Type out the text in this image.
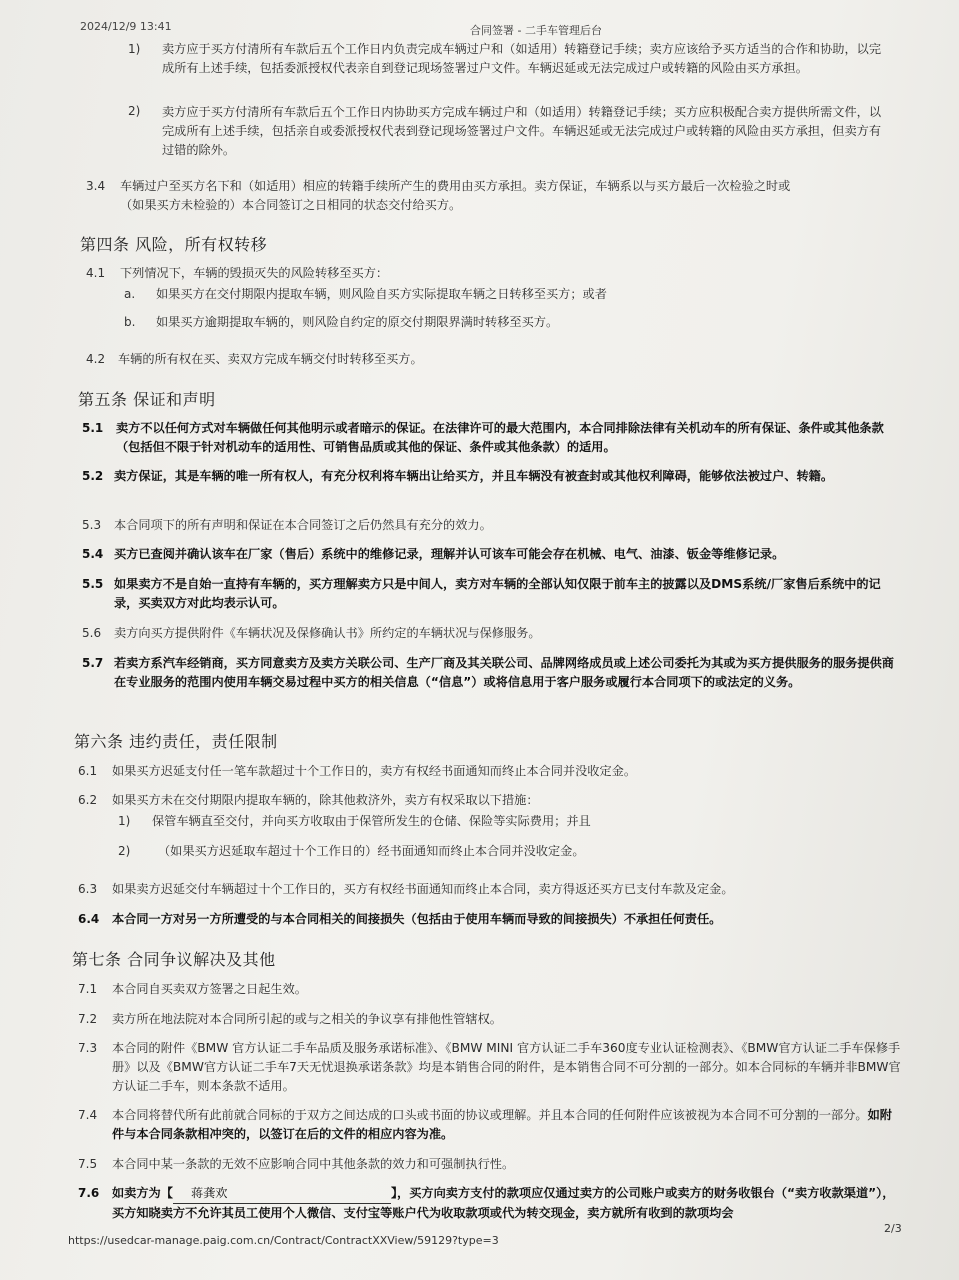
2024/12/9 13:41	合同签署 - 二手车管理后台
1) 卖方应于买方付清所有车款后五个工作日内负责完成车辆过户和（如适用）转籍登记手续；卖方应该给予买方适当的合作和协助，以完成所有上述手续，包括委派授权代表亲自到登记现场签署过户文件。车辆迟延或无法完成过户或转籍的风险由买方承担。
2) 卖方应于买方付清所有车款后五个工作日内协助买方完成车辆过户和（如适用）转籍登记手续；买方应积极配合卖方提供所需文件，以完成所有上述手续，包括亲自或委派授权代表到登记现场签署过户文件。车辆迟延或无法完成过户或转籍的风险由买方承担，但卖方有过错的除外。
3.4 车辆过户至买方名下和（如适用）相应的转籍手续所产生的费用由买方承担。卖方保证，车辆系以与买方最后一次检验之时或（如果买方未检验的）本合同签订之日相同的状态交付给买方。
第四条 风险，所有权转移
4.1 下列情况下，车辆的毁损灭失的风险转移至买方：
a. 如果买方在交付期限内提取车辆，则风险自买方实际提取车辆之日转移至买方；或者
b. 如果买方逾期提取车辆的，则风险自约定的原交付期限界满时转移至买方。
4.2 车辆的所有权在买、卖双方完成车辆交付时转移至买方。
第五条 保证和声明
5.1 卖方不以任何方式对车辆做任何其他明示或者暗示的保证。在法律许可的最大范围内，本合同排除法律有关机动车的所有保证、条件或其他条款（包括但不限于针对机动车的适用性、可销售品质或其他的保证、条件或其他条款）的适用。
5.2 卖方保证，其是车辆的唯一所有权人，有充分权利将车辆出让给买方，并且车辆没有被查封或其他权利障碍，能够依法被过户、转籍。
5.3 本合同项下的所有声明和保证在本合同签订之后仍然具有充分的效力。
5.4 买方已查阅并确认该车在厂家（售后）系统中的维修记录，理解并认可该车可能会存在机械、电气、油漆、钣金等维修记录。
5.5 如果卖方不是自始一直持有车辆的，买方理解卖方只是中间人，卖方对车辆的全部认知仅限于前车主的披露以及DMS系统/厂家售后系统中的记录，买卖双方对此均表示认可。
5.6 卖方向买方提供附件《车辆状况及保修确认书》所约定的车辆状况与保修服务。
5.7 若卖方系汽车经销商，买方同意卖方及卖方关联公司、生产厂商及其关联公司、品牌网络成员或上述公司委托为其或为买方提供服务的服务提供商在专业服务的范围内使用车辆交易过程中买方的相关信息（“信息”）或将信息用于客户服务或履行本合同项下的或法定的义务。
第六条 违约责任，责任限制
6.1 如果买方迟延支付任一笔车款超过十个工作日的，卖方有权经书面通知而终止本合同并没收定金。
6.2 如果买方未在交付期限内提取车辆的，除其他救济外，卖方有权采取以下措施：
1) 保管车辆直至交付，并向买方收取由于保管所发生的仓储、保险等实际费用；并且
2) （如果买方迟延取车超过十个工作日的）经书面通知而终止本合同并没收定金。
6.3 如果卖方迟延交付车辆超过十个工作日的，买方有权经书面通知而终止本合同，卖方得返还买方已支付车款及定金。
6.4 本合同一方对另一方所遭受的与本合同相关的间接损失（包括由于使用车辆而导致的间接损失）不承担任何责任。
第七条 合同争议解决及其他
7.1 本合同自买卖双方签署之日起生效。
7.2 卖方所在地法院对本合同所引起的或与之相关的争议享有排他性管辖权。
7.3 本合同的附件《BMW 官方认证二手车品质及服务承诺标准》、《BMW MINI 官方认证二手车360度专业认证检测表》、《BMW官方认证二手车保修手册》以及《BMW官方认证二手车7天无忧退换承诺条款》均是本销售合同的附件，是本销售合同不可分割的一部分。如本合同标的车辆并非BMW官方认证二手车，则本条款不适用。
7.4 本合同将替代所有此前就合同标的于双方之间达成的口头或书面的协议或理解。并且本合同的任何附件应该被视为本合同不可分割的一部分。如附件与本合同条款相冲突的，以签订在后的文件的相应内容为准。
7.5 本合同中某一条款的无效不应影响合同中其他条款的效力和可强制执行性。
7.6 如卖方为【 蒋龚欢	】，买方向卖方支付的款项应仅通过卖方的公司账户或卖方的财务收银台（“卖方收款渠道”），买方知晓卖方不允许其员工使用个人微信、支付宝等账户代为收取款项或代为转交现金，卖方就所有收到的款项均会
2/3
https://usedcar-manage.paig.com.cn/Contract/ContractXXView/59129?type=3
